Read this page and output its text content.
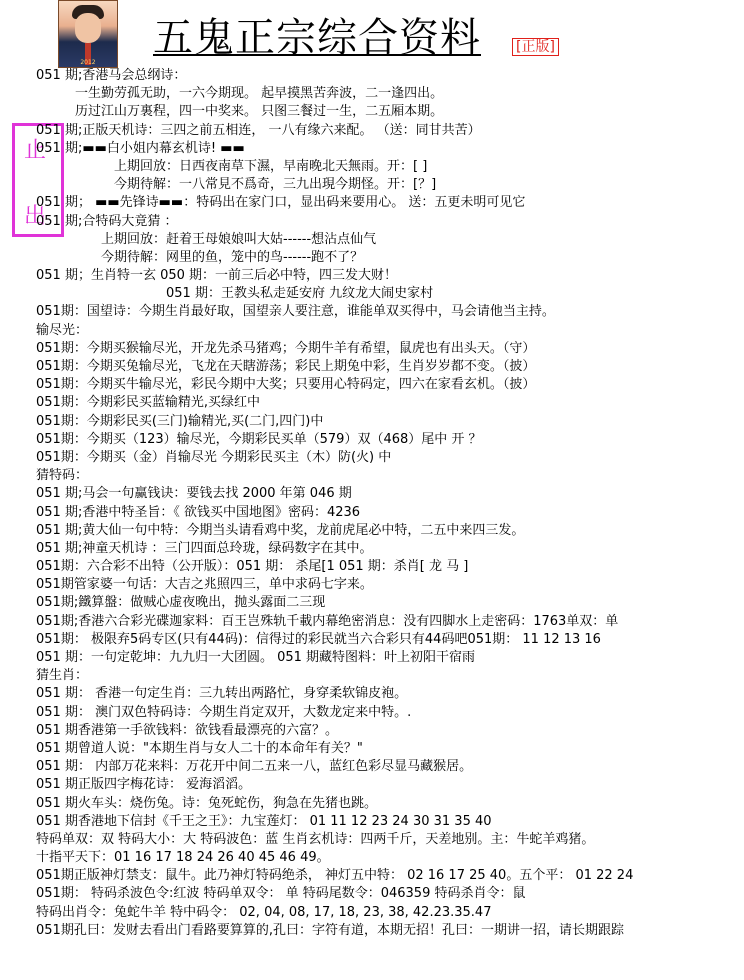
2012
五鬼正宗综合资料	[正版]
止
出
051 期;香港马会总纲诗：
一生勤劳孤无助，一六今期现。 起早摸黑苦奔波，二一逢四出。
历过江山万裏程，四一中奖来。 只图三餐过一生，二五厢本期。
051 期;正版天机诗：三四之前五相连， 一八有缘六来配。 （送：同甘共苦）
051 期;▬▬白小姐内幕玄机诗! ▬▬
上期回放：日西夜南草下濕，早南晚北天無雨。开：[ ]
今期待解：一八常見不爲奇，三九出現今期怪。开：[？]
051 期； ▬▬先锋诗▬▬：特码出在家门口，显出码来要用心。 送：五更未明可见它
051 期;合特码大竟猜 ：
上期回放：赶着王母娘娘叫大姑------想沾点仙气
今期待解：网里的鱼，笼中的鸟------跑不了？
051 期；生肖特一玄 050 期：一前三后必中特，四三发大财！
051 期：王教头私走延安府 九纹龙大闹史家村
051期：国望诗：今期生肖最好取，国望亲人要注意，谁能单双买得中，马会请他当主持。
输尽光：
051期：今期买猴输尽光，开龙先杀马猪鸡；今期牛羊有希望，鼠虎也有出头天。（守）
051期：今期买兔输尽光，飞龙在天瞎游荡；彩民上期兔中彩，生肖岁岁都不变。（披）
051期：今期买牛输尽光，彩民今期中大奖；只要用心特码定，四六在家看玄机。（披）
051期：今期彩民买蓝输精光,买绿红中
051期：今期彩民买(三门)输精光,买(二门,四门)中
051期：今期买（123）输尽光，今期彩民买单（579）双（468）尾中 开 ？
051期：今期买（金）肖输尽光 今期彩民买主（木）防(火) 中
猜特码：
051 期;马会一句赢钱诀：要钱去找 2000 年第 046 期
051 期;香港中特圣旨：《 欲钱买中国地图》密码：4236
051 期;黄大仙一句中特：今期当头请看鸡中奖，龙前虎尾必中特，二五中来四三发。
051 期;神童天机诗 ：三门四面总玲珑，绿码数字在其中。
051期：六合彩不出特（公开版）：051 期： 杀尾[1 051 期：杀肖[ 龙 马 ]
051期管家婆一句话：大吉之兆照四三，单中求码七字来。
051期;鐵算盤：做贼心虚夜晚出，抛头露面二三现
051期;香港六合彩光碟迦家料：百王岂殊轨千載内幕绝密消息：没有四脚水上走密码：1763单双：单
051期： 极限弃5码专区(只有44码)：信得过的彩民就当六合彩只有44码吧051期： 11 12 13 16
051 期：一句定乾坤：九九归一大团圆。 051 期藏特图料：叶上初阳干宿雨
猜生肖：
051 期： 香港一句定生肖：三九转出两路忙，身穿柔软锦皮袍。
051 期： 澳门双色特码诗：今期生肖定双开，大数龙定来中特。.
051 期香港第一手欲钱料：欲钱看最漂亮的六富？。
051 期曾道人说："本期生肖与女人二十的本命年有关？"
051 期： 内部万花来料：万花开中间二五来一八，蓝红色彩尽显马藏猴居。
051 期正版四字梅花诗： 爱海滔滔。
051 期火车头：烧伤兔。诗：兔死蛇伤，狗急在先猪也跳。
051 期香港地下信封《千王之王》：九宝莲灯： 01 11 12 23 24 30 31 35 40
特码单双：双 特码大小：大 特码波色：蓝 生肖玄机诗：四两千斤，天差地别。主：牛蛇羊鸡猪。
十指平天下：01 16 17 18 24 26 40 45 46 49。
051期正版神灯禁支：鼠牛。此乃神灯特码绝杀， 神灯五中特： 02 16 17 25 40。五个平： 01 22 24
051期： 特码杀波色令:红波 特码单双令： 单 特码尾数令：046359 特码杀肖令：鼠
特码出肖令：兔蛇牛羊 特中码令： 02, 04, 08, 17, 18, 23, 38, 42.23.35.47
051期孔曰：发财去看出门看路要算算的,孔曰：字符有道，本期无招！孔曰：一期讲一招，请长期跟踪
